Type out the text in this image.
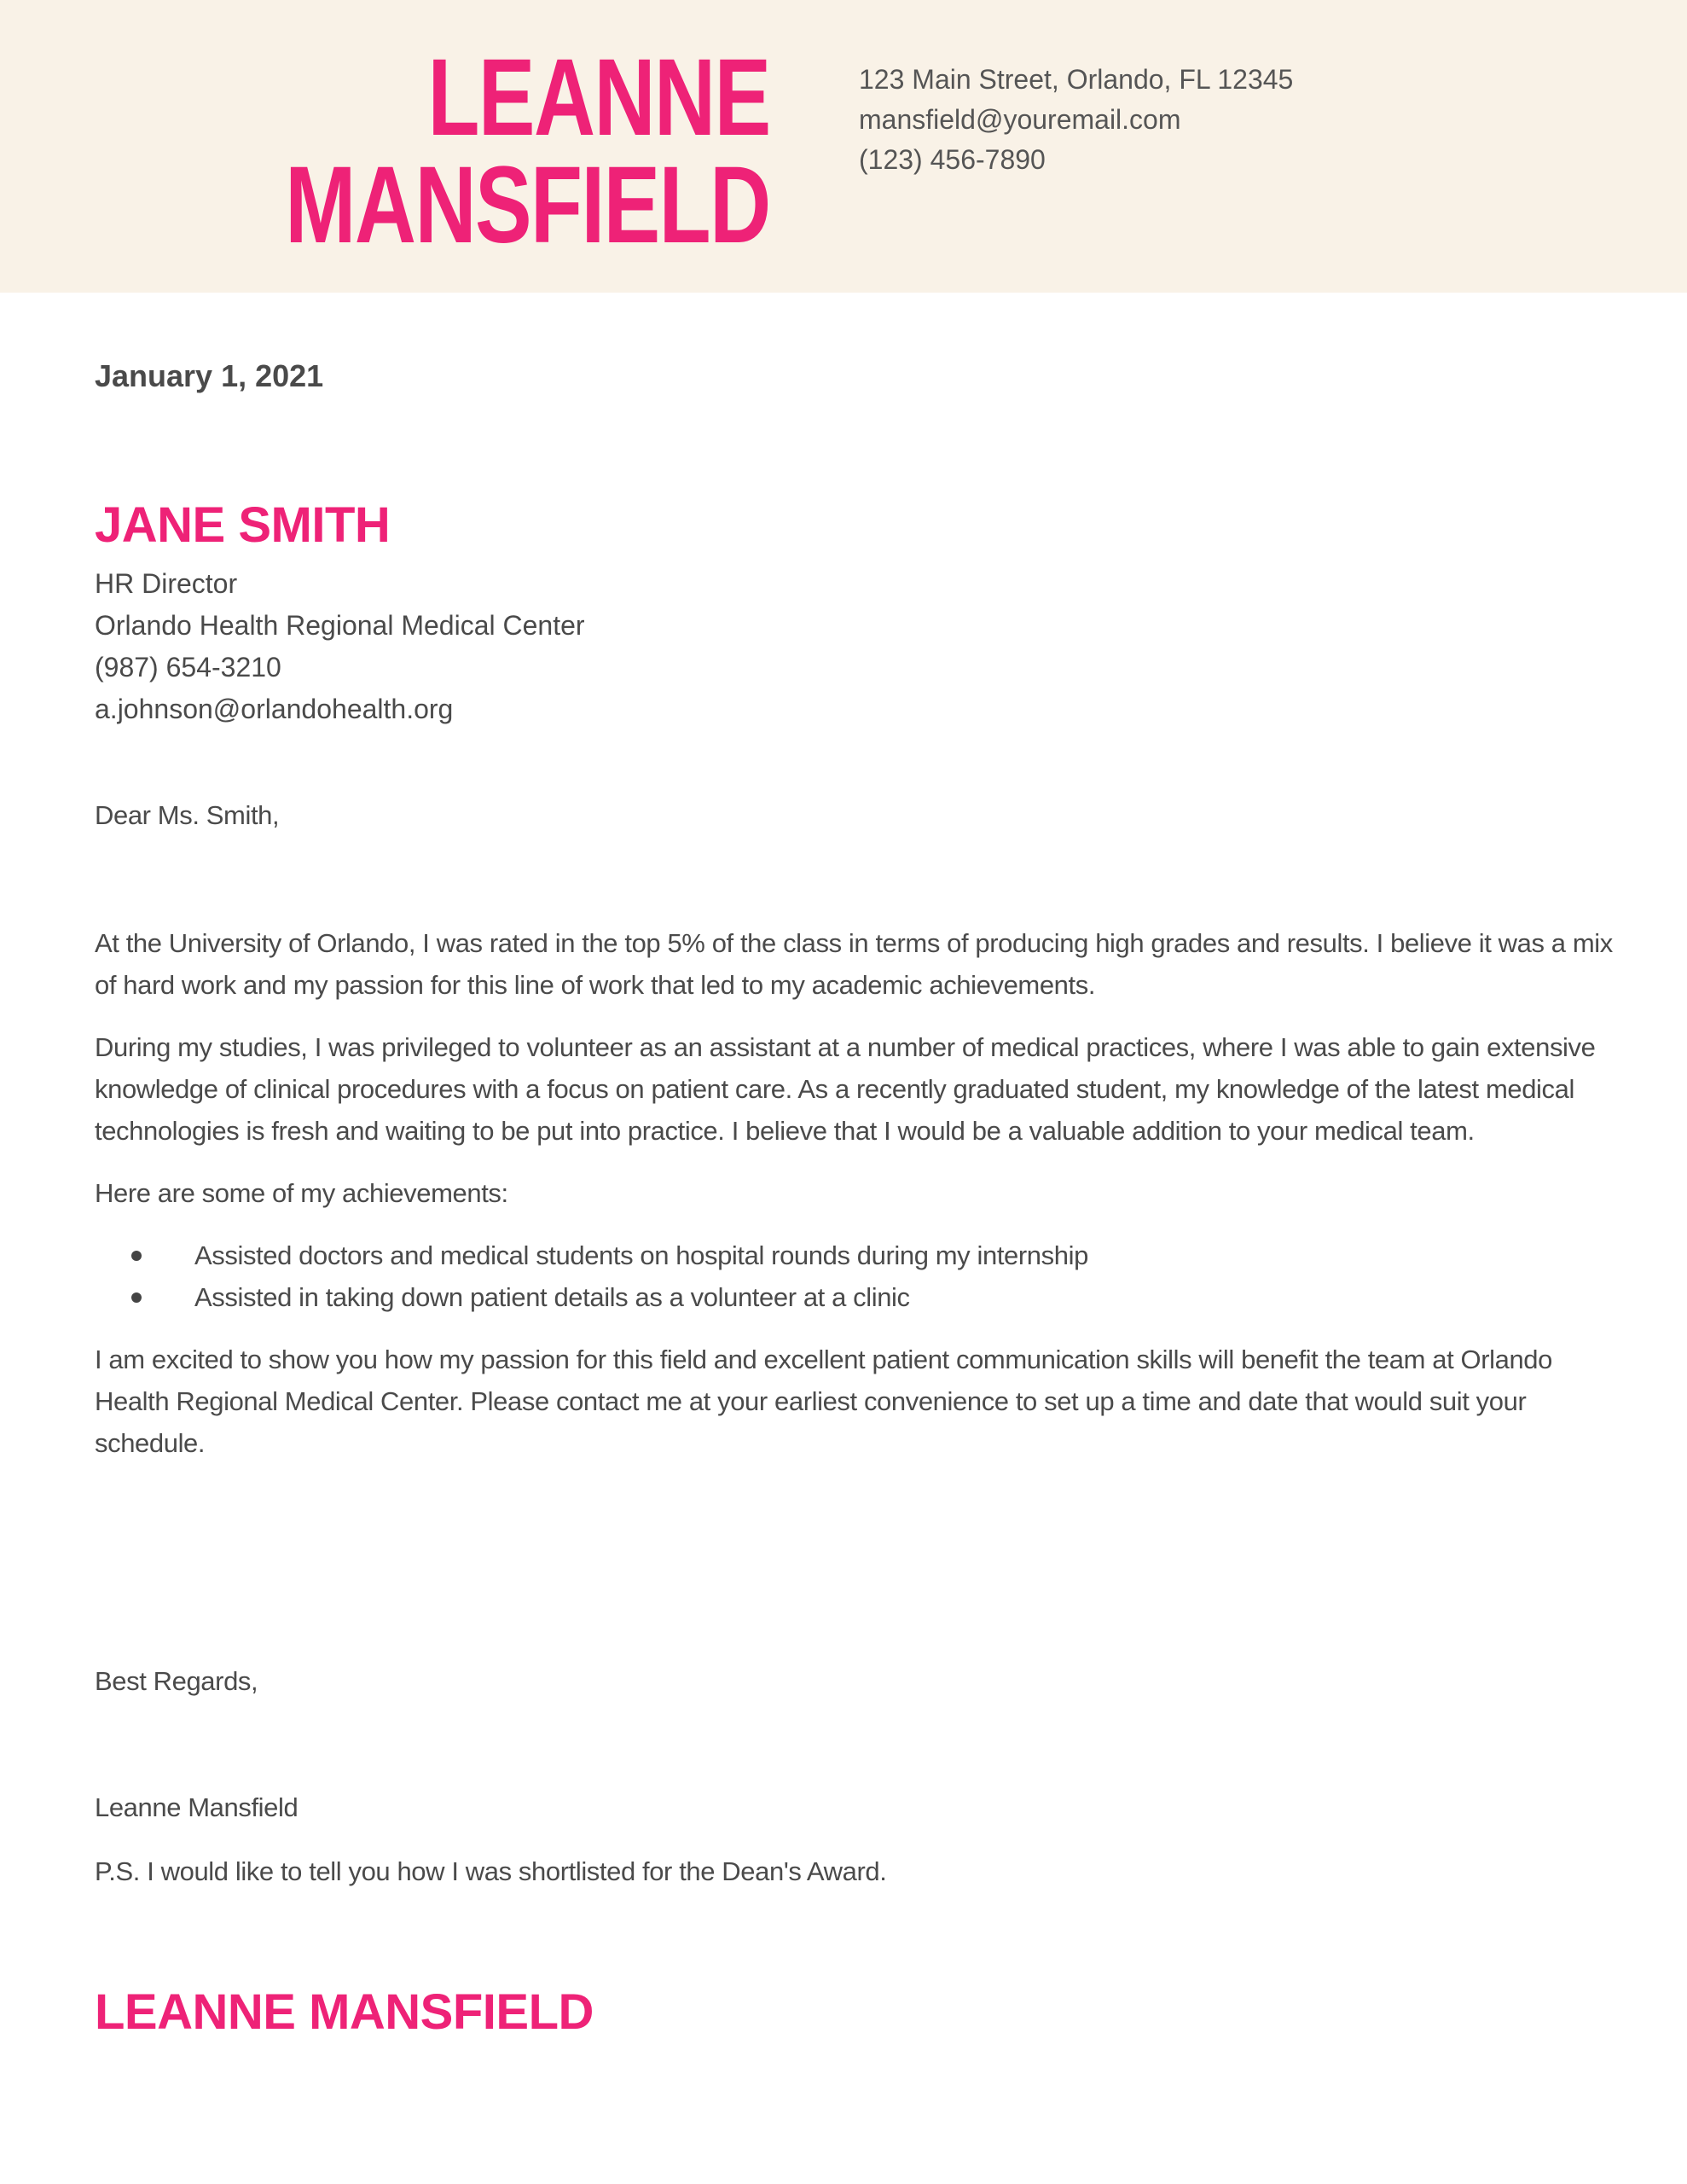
LEANNE
MANSFIELD
123 Main Street, Orlando, FL 12345
mansfield@youremail.com
(123) 456-7890
January 1, 2021
JANE SMITH
HR Director
Orlando Health Regional Medical Center
(987) 654-3210
a.johnson@orlandohealth.org
Dear Ms. Smith,

At the University of Orlando, I was rated in the top 5% of the class in terms of producing high grades and results. I believe it was a mix of hard work and my passion for this line of work that led to my academic achievements.

During my studies, I was privileged to volunteer as an assistant at a number of medical practices, where I was able to gain extensive knowledge of clinical procedures with a focus on patient care. As a recently graduated student, my knowledge of the latest medical technologies is fresh and waiting to be put into practice. I believe that I would be a valuable addition to your medical team.

Here are some of my achievements:

Assisted doctors and medical students on hospital rounds during my internship
Assisted in taking down patient details as a volunteer at a clinic

I am excited to show you how my passion for this field and excellent patient communication skills will benefit the team at Orlando Health Regional Medical Center. Please contact me at your earliest convenience to set up a time and date that would suit your schedule.

Best Regards,
Leanne Mansfield
P.S. I would like to tell you how I was shortlisted for the Dean's Award.
LEANNE MANSFIELD
